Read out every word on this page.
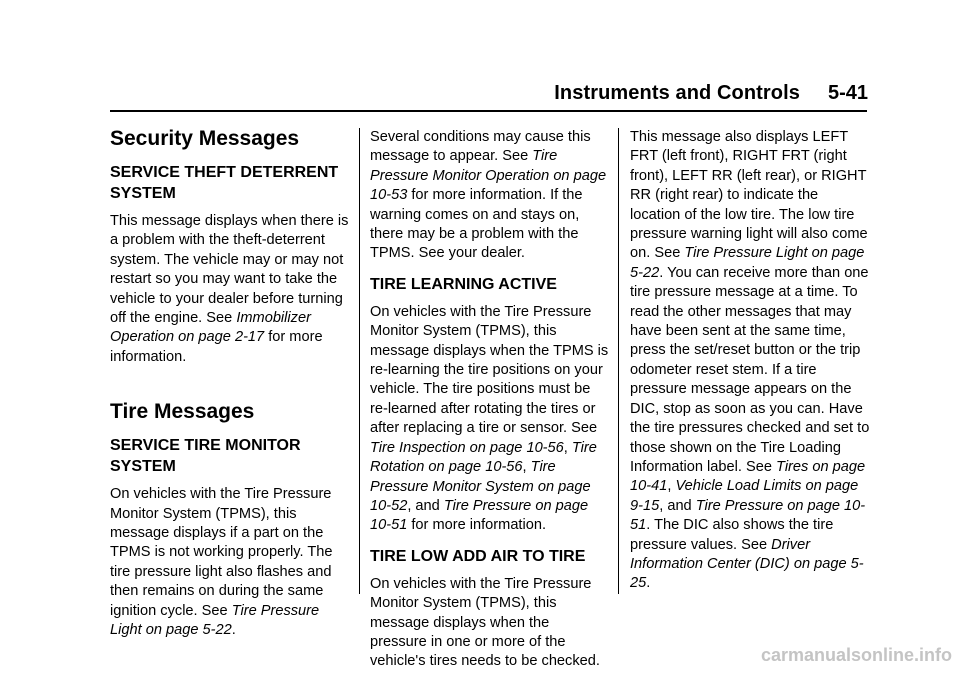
Instruments and Controls 5-41
Security Messages
SERVICE THEFT DETERRENT SYSTEM

This message displays when there is a problem with the theft-deterrent system. The vehicle may or may not restart so you may want to take the vehicle to your dealer before turning off the engine. See Immobilizer Operation on page 2-17 for more information.

Tire Messages
SERVICE TIRE MONITOR SYSTEM

On vehicles with the Tire Pressure Monitor System (TPMS), this message displays if a part on the TPMS is not working properly. The tire pressure light also flashes and then remains on during the same ignition cycle. See Tire Pressure Light on page 5-22.

Several conditions may cause this message to appear. See Tire Pressure Monitor Operation on page 10-53 for more information. If the warning comes on and stays on, there may be a problem with the TPMS. See your dealer.

TIRE LEARNING ACTIVE

On vehicles with the Tire Pressure Monitor System (TPMS), this message displays when the TPMS is re-learning the tire positions on your vehicle. The tire positions must be re-learned after rotating the tires or after replacing a tire or sensor. See Tire Inspection on page 10-56, Tire Rotation on page 10-56, Tire Pressure Monitor System on page 10-52, and Tire Pressure on page 10-51 for more information.

TIRE LOW ADD AIR TO TIRE

On vehicles with the Tire Pressure Monitor System (TPMS), this message displays when the pressure in one or more of the vehicle's tires needs to be checked.

This message also displays LEFT FRT (left front), RIGHT FRT (right front), LEFT RR (left rear), or RIGHT RR (right rear) to indicate the location of the low tire. The low tire pressure warning light will also come on. See Tire Pressure Light on page 5-22. You can receive more than one tire pressure message at a time. To read the other messages that may have been sent at the same time, press the set/reset button or the trip odometer reset stem. If a tire pressure message appears on the DIC, stop as soon as you can. Have the tire pressures checked and set to those shown on the Tire Loading Information label. See Tires on page 10-41, Vehicle Load Limits on page 9-15, and Tire Pressure on page 10-51. The DIC also shows the tire pressure values. See Driver Information Center (DIC) on page 5-25.

carmanualsonline.info
